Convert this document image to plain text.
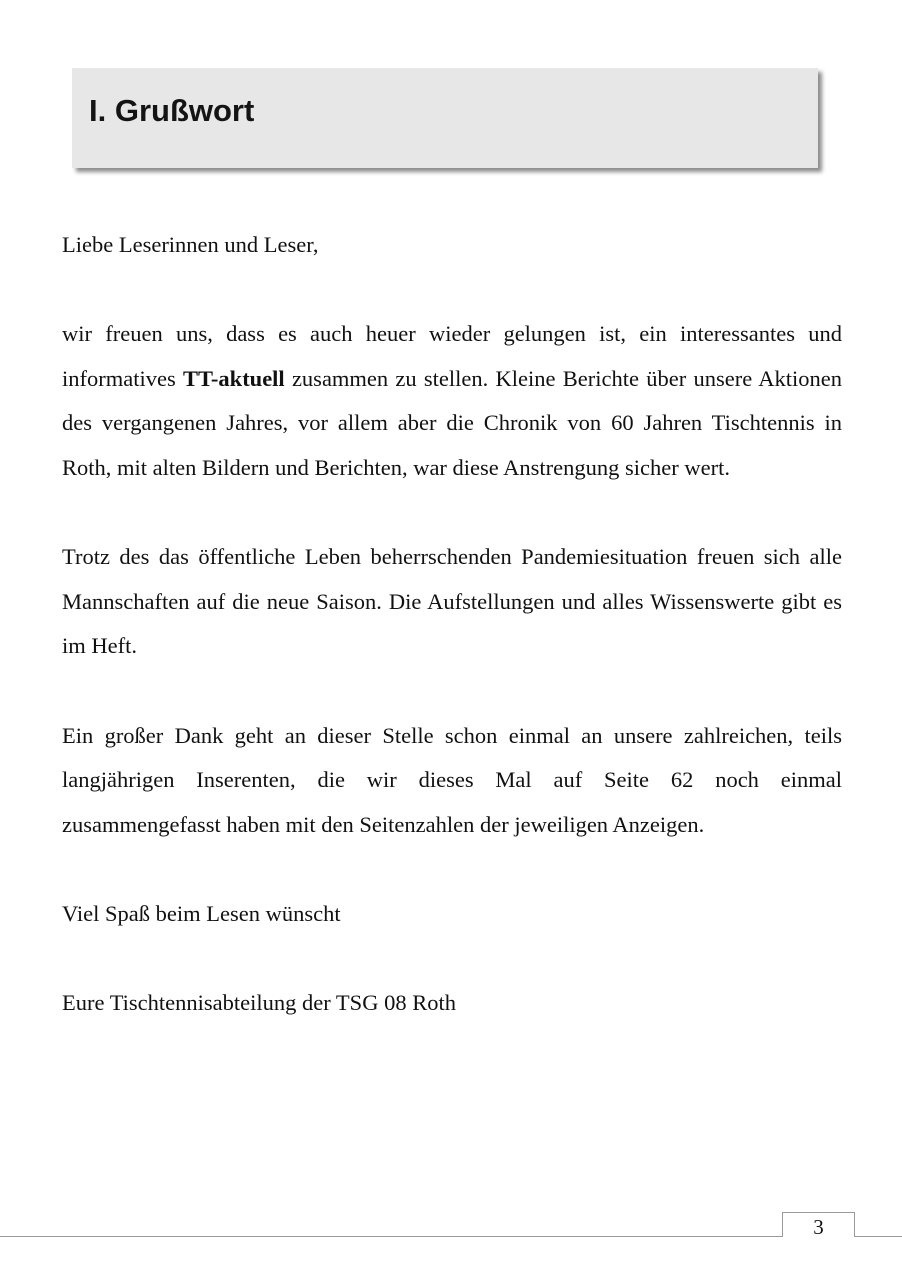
I. Grußwort

Liebe Leserinnen und Leser,

wir freuen uns, dass es auch heuer wieder gelungen ist, ein interessantes und informatives TT-aktuell zusammen zu stellen. Kleine Berichte über unsere Aktionen des vergangenen Jahres, vor allem aber die Chronik von 60 Jahren Tischtennis in Roth, mit alten Bildern und Berichten, war diese Anstrengung sicher wert.

Trotz des das öffentliche Leben beherrschenden Pandemiesituation freuen sich alle Mannschaften auf die neue Saison. Die Aufstellungen und alles Wissenswerte gibt es im Heft.

Ein großer Dank geht an dieser Stelle schon einmal an unsere zahlreichen, teils langjährigen Inserenten, die wir dieses Mal auf Seite 62 noch einmal zusammengefasst haben mit den Seitenzahlen der jeweiligen Anzeigen.

Viel Spaß beim Lesen wünscht

Eure Tischtennisabteilung der TSG 08 Roth

3
